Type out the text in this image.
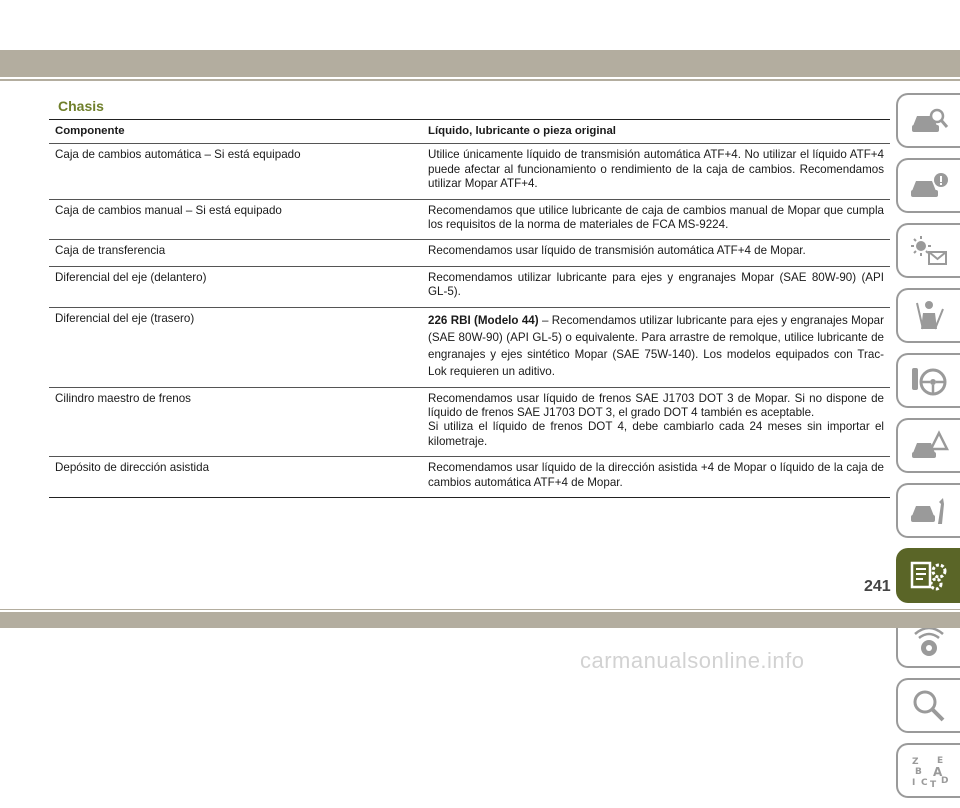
Chasis
Componente	Líquido, lubricante o pieza original
Caja de cambios automática – Si está equipado	Utilice únicamente líquido de transmisión automática ATF+4. No utilizar el líquido ATF+4 puede afectar al funcionamiento o rendimiento de la caja de cambios. Recomendamos utilizar Mopar ATF+4.
Caja de cambios manual – Si está equipado	Recomendamos que utilice lubricante de caja de cambios manual de Mopar que cumpla los requisitos de la norma de materiales de FCA MS-9224.
Caja de transferencia	Recomendamos usar líquido de transmisión automática ATF+4 de Mopar.
Diferencial del eje (delantero)	Recomendamos utilizar lubricante para ejes y engranajes Mopar (SAE 80W-90) (API GL-5).
Diferencial del eje (trasero)	226 RBI (Modelo 44) – Recomendamos utilizar lubricante para ejes y engranajes Mopar (SAE 80W-90) (API GL-5) o equivalente. Para arrastre de remolque, utilice lubricante de engranajes y ejes sintético Mopar (SAE 75W-140). Los modelos equipados con Trac-Lok requieren un aditivo.
Cilindro maestro de frenos	Recomendamos usar líquido de frenos SAE J1703 DOT 3 de Mopar. Si no dispone de líquido de frenos SAE J1703 DOT 3, el grado DOT 4 también es aceptable.
Si utiliza el líquido de frenos DOT 4, debe cambiarlo cada 24 meses sin importar el kilometraje.
Depósito de dirección asistida	Recomendamos usar líquido de la dirección asistida +4 de Mopar o líquido de la caja de cambios automática ATF+4 de Mopar.
Z E
B A
I C T D

241

carmanualsonline.info
